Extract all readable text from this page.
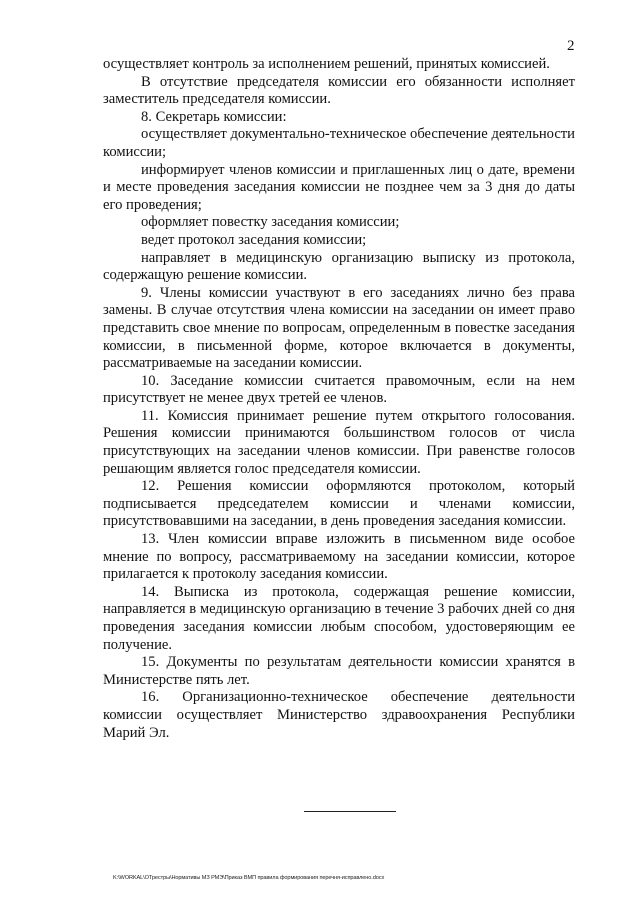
2

осуществляет контроль за исполнением решений, принятых комиссией.

В отсутствие председателя комиссии его обязанности исполняет заместитель председателя комиссии.

8. Секретарь комиссии:

осуществляет документально-техническое обеспечение деятельности комиссии;

информирует членов комиссии и приглашенных лиц о дате, времени и месте проведения заседания комиссии не позднее чем за 3 дня до даты его проведения;

оформляет повестку заседания комиссии;

ведет протокол заседания комиссии;

направляет в медицинскую организацию выписку из протокола, содержащую решение комиссии.

9. Члены комиссии участвуют в его заседаниях лично без права замены. В случае отсутствия члена комиссии на заседании он имеет право представить свое мнение по вопросам, определенным в повестке заседания комиссии, в письменной форме, которое включается в документы, рассматриваемые на заседании комиссии.

10. Заседание комиссии считается правомочным, если на нем присутствует не менее двух третей ее членов.

11. Комиссия принимает решение путем открытого голосования. Решения комиссии принимаются большинством голосов от числа присутствующих на заседании членов комиссии. При равенстве голосов решающим является голос председателя комиссии.

12. Решения комиссии оформляются протоколом, который подписывается председателем комиссии и членами комиссии, присутствовавшими на заседании, в день проведения заседания комиссии.

13. Член комиссии вправе изложить в письменном виде особое мнение по вопросу, рассматриваемому на заседании комиссии, которое прилагается к протоколу заседания комиссии.

14. Выписка из протокола, содержащая решение комиссии, направляется в медицинскую организацию в течение 3 рабочих дней со дня проведения заседания комиссии любым способом, удостоверяющим ее получение.

15. Документы по результатам деятельности комиссии хранятся в Министерстве пять лет.

16. Организационно-техническое обеспечение деятельности комиссии осуществляет Министерство здравоохранения Республики Марий Эл.

K:\WORKAL\ОТрестры\Нормативы МЗ РМЭ\Приказ ВМП правила формирования перечня-исправлено.docx
